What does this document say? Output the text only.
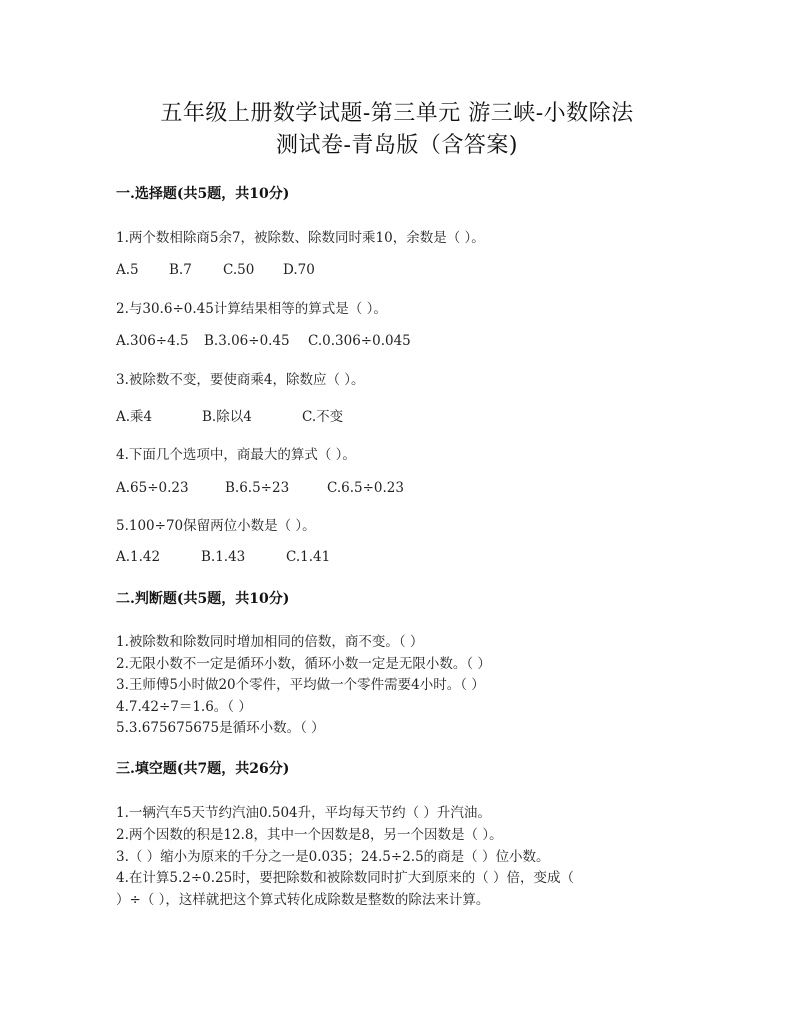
五年级上册数学试题-第三单元 游三峡-小数除法
测试卷-青岛版（含答案)
一.选择题(共5题，共10分)
1.两个数相除商5余7，被除数、除数同时乘10，余数是（ ）。
A.5	B.7	C.50	D.70
2.与30.6÷0.45计算结果相等的算式是（ ）。
A.306÷4.5	B.3.06÷0.45	C.0.306÷0.045
3.被除数不变，要使商乘4，除数应（ ）。
A.乘4	B.除以4	C.不变
4.下面几个选项中，商最大的算式（ ）。
A.65÷0.23	B.6.5÷23	C.6.5÷0.23
5.100÷70保留两位小数是（ ）。
A.1.42	B.1.43	C.1.41
二.判断题(共5题，共10分)
1.被除数和除数同时增加相同的倍数，商不变。（ ）
2.无限小数不一定是循环小数，循环小数一定是无限小数。（ ）
3.王师傅5小时做20个零件，平均做一个零件需要4小时。（ ）
4.7.42÷7＝1.6。（ ）
5.3.675675675是循环小数。（ ）
三.填空题(共7题，共26分)
1.一辆汽车5天节约汽油0.504升，平均每天节约（ ）升汽油。
2.两个因数的积是12.8，其中一个因数是8，另一个因数是（ ）。
3.（ ）缩小为原来的千分之一是0.035；24.5÷2.5的商是（ ）位小数。
4.在计算5.2÷0.25时，要把除数和被除数同时扩大到原来的（ ）倍，变成（
）÷（ ），这样就把这个算式转化成除数是整数的除法来计算。
